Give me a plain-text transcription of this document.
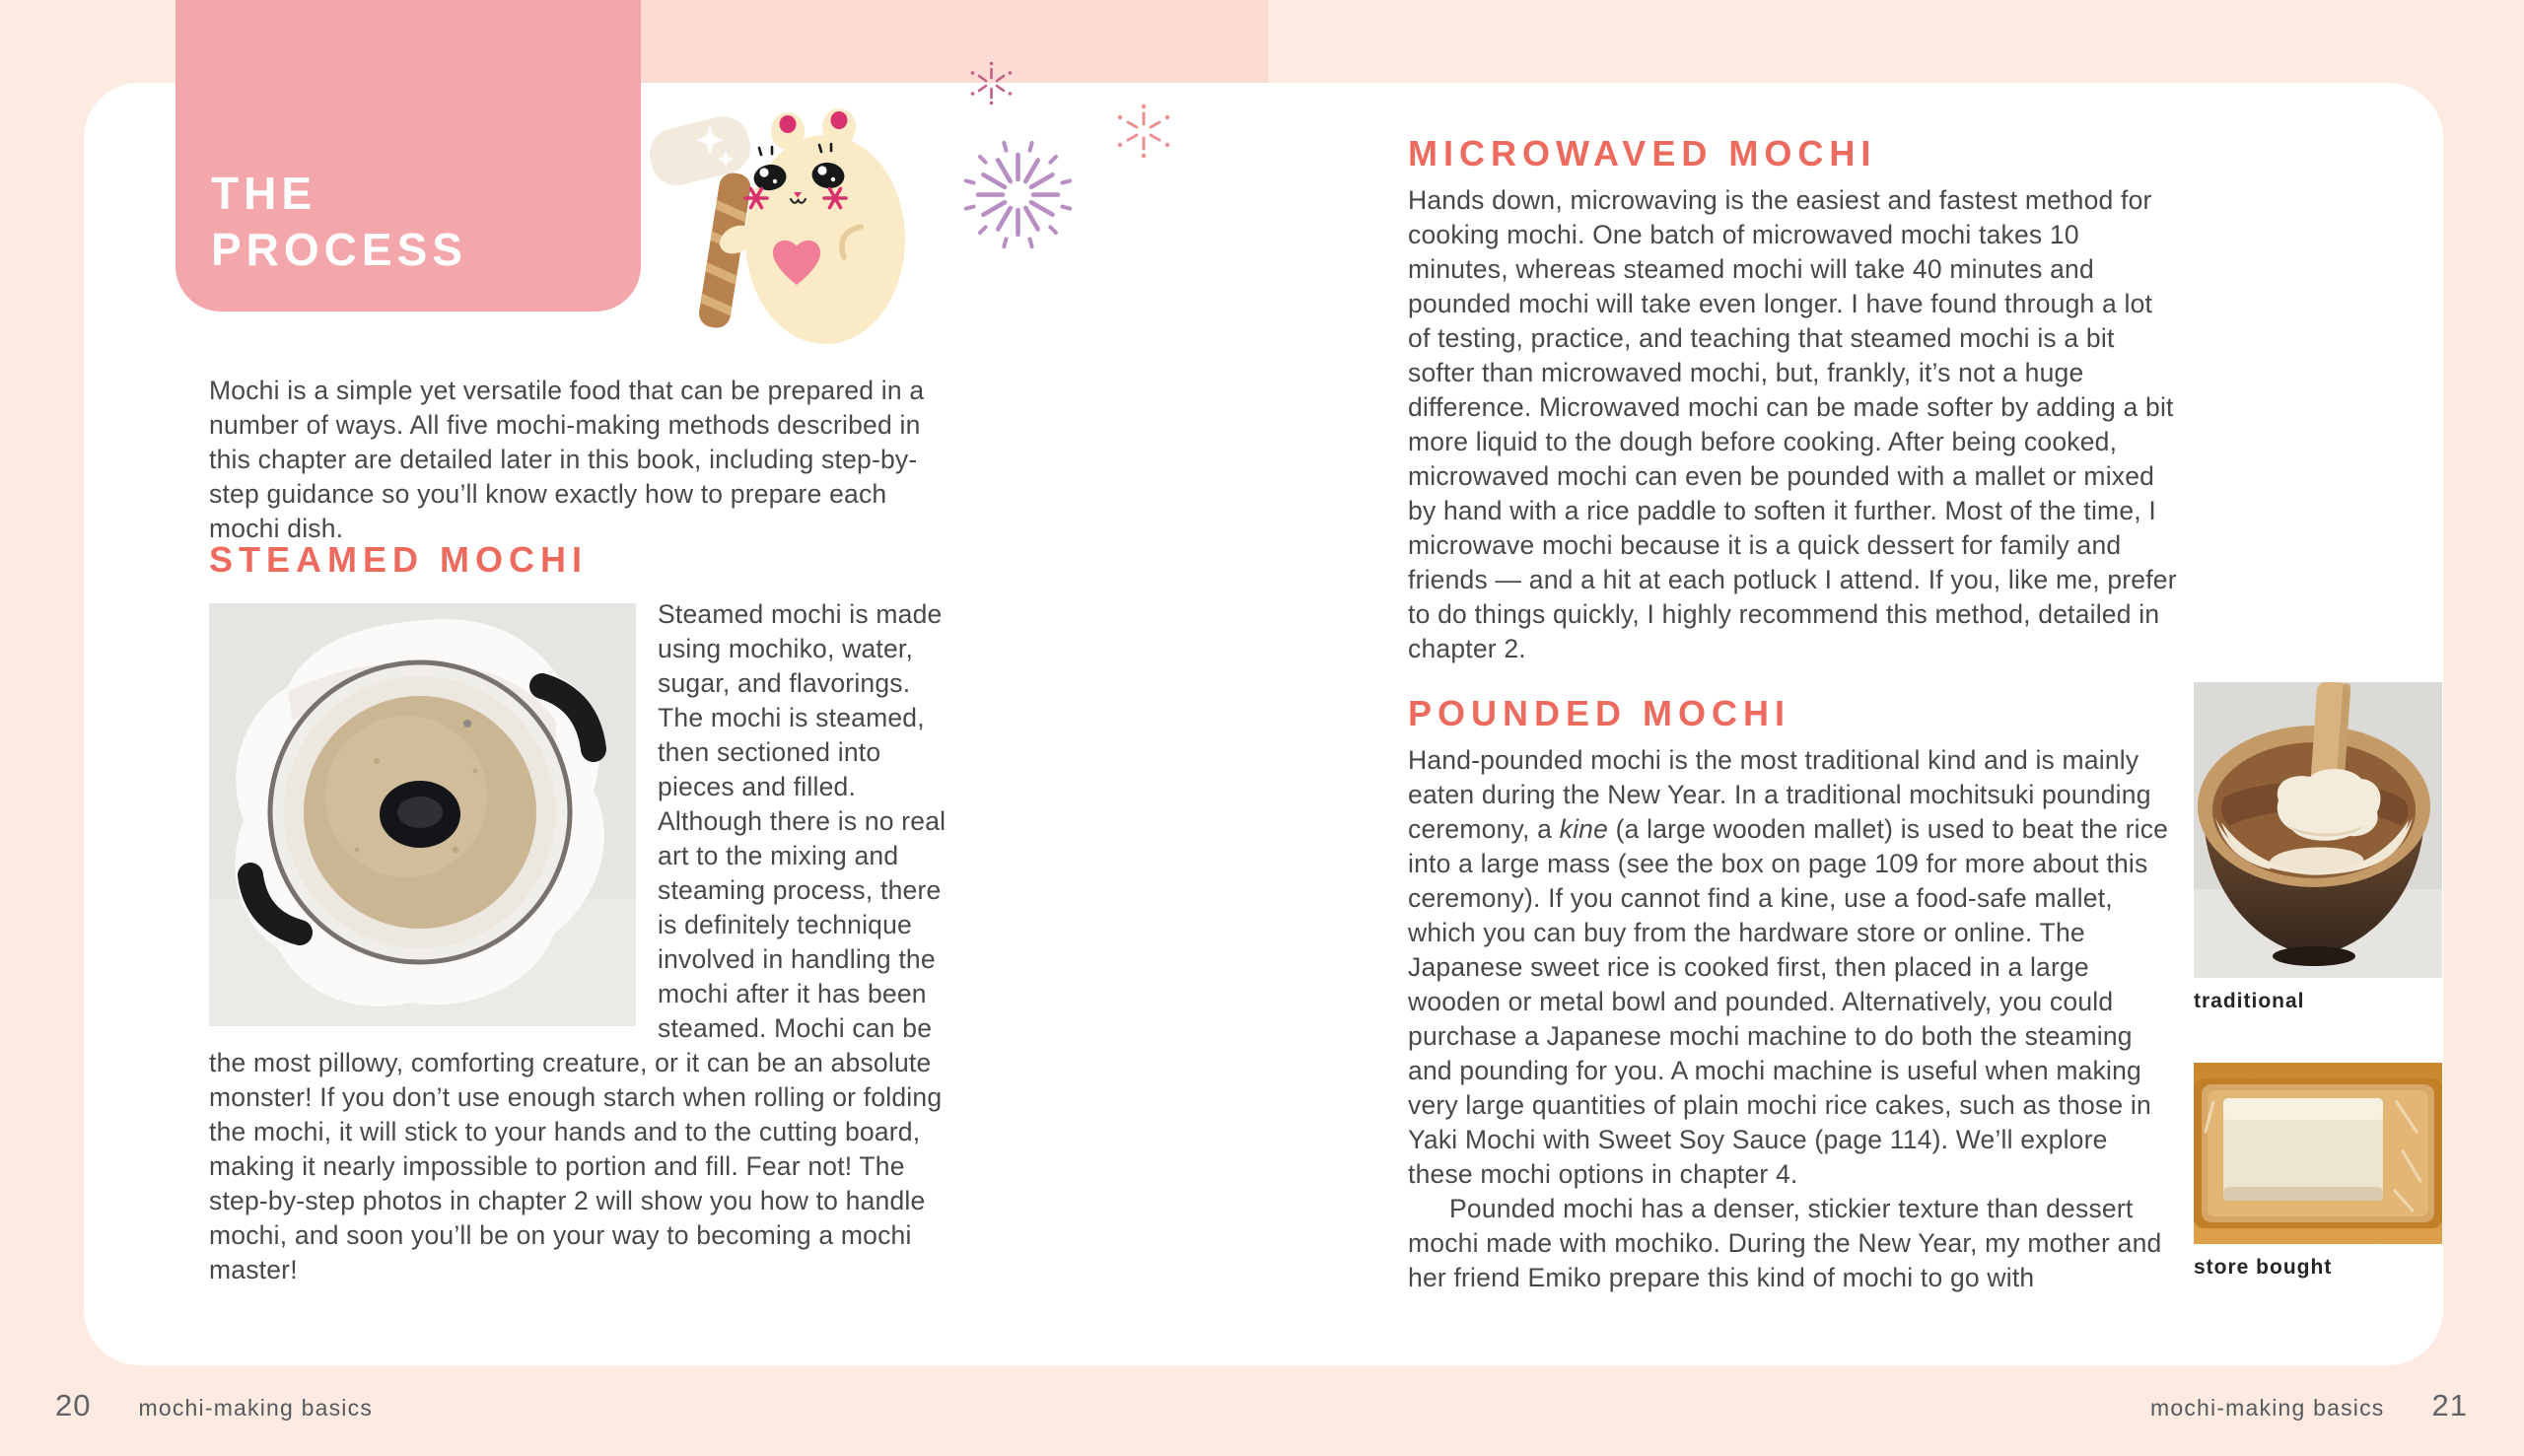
THE
PROCESS

Mochi is a simple yet versatile food that can be prepared in a number of ways. All five mochi-making methods described in this chapter are detailed later in this book, including step-by-step guidance so you’ll know exactly how to prepare each mochi dish.

STEAMED MOCHI
Steamed mochi is made using mochiko, water, sugar, and flavorings. The mochi is steamed, then sectioned into pieces and filled. Although there is no real art to the mixing and steaming process, there is definitely technique involved in handling the mochi after it has been steamed. Mochi can be the most pillowy, comforting creature, or it can be an absolute monster! If you don’t use enough starch when rolling or folding the mochi, it will stick to your hands and to the cutting board, making it nearly impossible to portion and fill. Fear not! The step-by-step photos in chapter 2 will show you how to handle mochi, and soon you’ll be on your way to becoming a mochi master!
MICROWAVED MOCHI

Hands down, microwaving is the easiest and fastest method for cooking mochi. One batch of microwaved mochi takes 10 minutes, whereas steamed mochi will take 40 minutes and pounded mochi will take even longer. I have found through a lot of testing, practice, and teaching that steamed mochi is a bit softer than microwaved mochi, but, frankly, it’s not a huge difference. Microwaved mochi can be made softer by adding a bit more liquid to the dough before cooking. After being cooked, microwaved mochi can even be pounded with a mallet or mixed by hand with a rice paddle to soften it further. Most of the time, I microwave mochi because it is a quick dessert for family and friends — and a hit at each potluck I attend. If you, like me, prefer to do things quickly, I highly recommend this method, detailed in chapter 2.

POUNDED MOCHI

Hand-pounded mochi is the most traditional kind and is mainly eaten during the New Year. In a traditional mochitsuki pounding ceremony, a kine (a large wooden mallet) is used to beat the rice into a large mass (see the box on page 109 for more about this ceremony). If you cannot find a kine, use a food-safe mallet, which you can buy from the hardware store or online. The Japanese sweet rice is cooked first, then placed in a large wooden or metal bowl and pounded. Alternatively, you could purchase a Japanese mochi machine to do both the steaming and pounding for you. A mochi machine is useful when making very large quantities of plain mochi rice cakes, such as those in Yaki Mochi with Sweet Soy Sauce (page 114). We’ll explore these mochi options in chapter 4.

Pounded mochi has a denser, stickier texture than dessert mochi made with mochiko. During the New Year, my mother and her friend Emiko prepare this kind of mochi to go with

traditional
store bought
20 mochi-making basics	mochi-making basics 21
